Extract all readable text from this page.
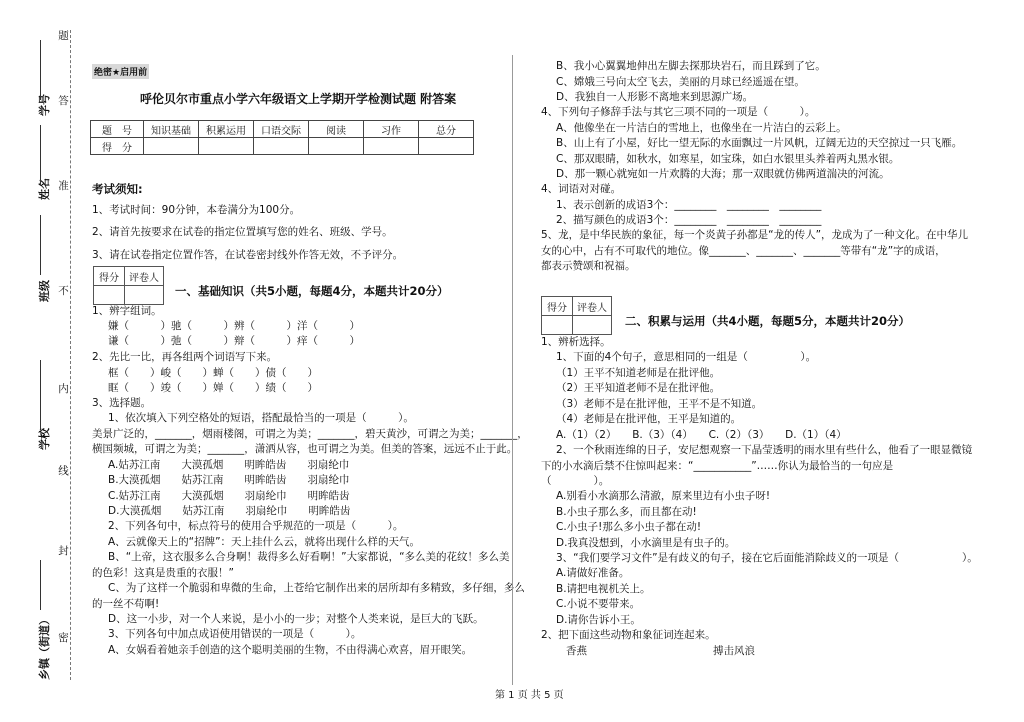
题
学号 答
姓名 准
班级 不
内
学校
线
封
乡镇（街道） 密
绝密★启用前
呼伦贝尔市重点小学六年级语文上学期开学检测试题 附答案
题　号	知识基础	积累运用	口语交际	阅读	习作	总分
得　分						
考试须知:
1、考试时间：90分钟，本卷满分为100分。
2、请首先按要求在试卷的指定位置填写您的姓名、班级、学号。
3、请在试卷指定位置作答，在试卷密封线外作答无效，不予评分。
得分	评卷人

一、基础知识（共5小题，每题4分，本题共计20分）
1、辨字组词。
嫌（　　　）驰（　　　）辨（　　　）洋（　　　）
谦（　　　）弛（　　　）辩（　　　）痒（　　　）
2、先比一比，再各组两个词语写下来。
框（　　）峻（　　）蝉（　　）债（　　）
眶（　　）竣（　　）婵（　　）绩（　　）
3、选择题。
1、依次填入下列空格处的短语，搭配最恰当的一项是（　　　）。
美景广泛的，_______，烟雨楼阁，可谓之为美；_______，碧天黄沙，可谓之为美；_______，
横国频城，可谓之为美；_______，潇洒从容，也可谓之为美。但美的答案，远远不止于此。
A.姑苏江南　　大漠孤烟　　明眸皓齿　　羽扇纶巾
B.大漠孤烟　　姑苏江南　　明眸皓齿　　羽扇纶巾
C.姑苏江南　　大漠孤烟　　羽扇纶巾　　明眸皓齿
D.大漠孤烟　　姑苏江南　　羽扇纶巾　　明眸皓齿
2、下列各句中，标点符号的使用合乎规范的一项是（　　　）。
A、云就像天上的“招牌”：天上挂什么云，就将出现什么样的天气。
B、“上帝，这衣服多么合身啊！裁得多么好看啊！”大家都说，“多么美的花纹！多么美
的色彩！这真是贵重的衣服！”
C、为了这样一个脆弱和卑微的生命，上苍给它制作出来的居所却有多精致，多仔细，多么
的一丝不苟啊!
D、这一小步，对一个人来说，是小小的一步；对整个人类来说，是巨大的飞跃。
3、下列各句中加点成语使用错误的一项是（　　　）。
A、女娲看着她亲手创造的这个聪明美丽的生物，不由得满心欢喜，眉开眼笑。
B、我小心翼翼地伸出左脚去探那块岩石，而且踩到了它。
C、嫦娥三号向太空飞去，美丽的月球已经遥遥在望。
D、我独自一人形影不离地来到思源广场。
4、下列句子修辞手法与其它三项不同的一项是（　　　）。
A、他像坐在一片洁白的雪地上，也像坐在一片洁白的云彩上。
B、山上有了小屋，好比一望无际的水面飘过一片风帆，辽阔无边的天空掠过一只飞雁。
C、那双眼睛，如秋水，如寒星，如宝珠，如白水银里头养着两丸黑水银。
D、那一颗心就宛如一片欢腾的大海；那一双眼就仿佛两道湍决的河流。
4、词语对对碰。
1、表示创新的成语3个：________　________　________
2、描写颜色的成语3个：________　________　________
5、龙，是中华民族的象征，每一个炎黄子孙都是“龙的传人”，龙成为了一种文化。在中华儿
女的心中，占有不可取代的地位。像_______、_______、_______等带有“龙”字的成语，
都表示赞颂和祝福。
得分	评卷人

二、积累与运用（共4小题，每题5分，本题共计20分）
1、辨析选择。
1、下面的4个句子，意思相同的一组是（　　　　　）。
（1）王平不知道老师是在批评他。
（2）王平知道老师不是在批评他。
（3）老师不是在批评他，王平不是不知道。
（4）老师是在批评他，王平是知道的。
A.（1）（2）　　B.（3）（4）　　C.（2）（3）　　D.（1）（4）
2、一个秋雨连绵的日子，安尼想观察一下晶莹透明的雨水里有些什么，他看了一眼显微镜
下的小水滴后禁不住惊叫起来：“___________”……你认为最恰当的一句应是
（　　　　）。
A.别看小水滴那么清澈，原来里边有小虫子呀!
B.小虫子那么多，而且都在动!
C.小虫子!那么多小虫子都在动!
D.我真没想到，小水滴里是有虫子的。
3、“我们要学习文件”是有歧义的句子，接在它后面能消除歧义的一项是（　　　　　　）。
A.请做好准备。
B.请把电视机关上。
C.小说不要带来。
D.请你告诉小王。
2、把下面这些动物和象征词连起来。
香燕　　　　　　　　　　　　搏击风浪
第 1 页 共 5 页
